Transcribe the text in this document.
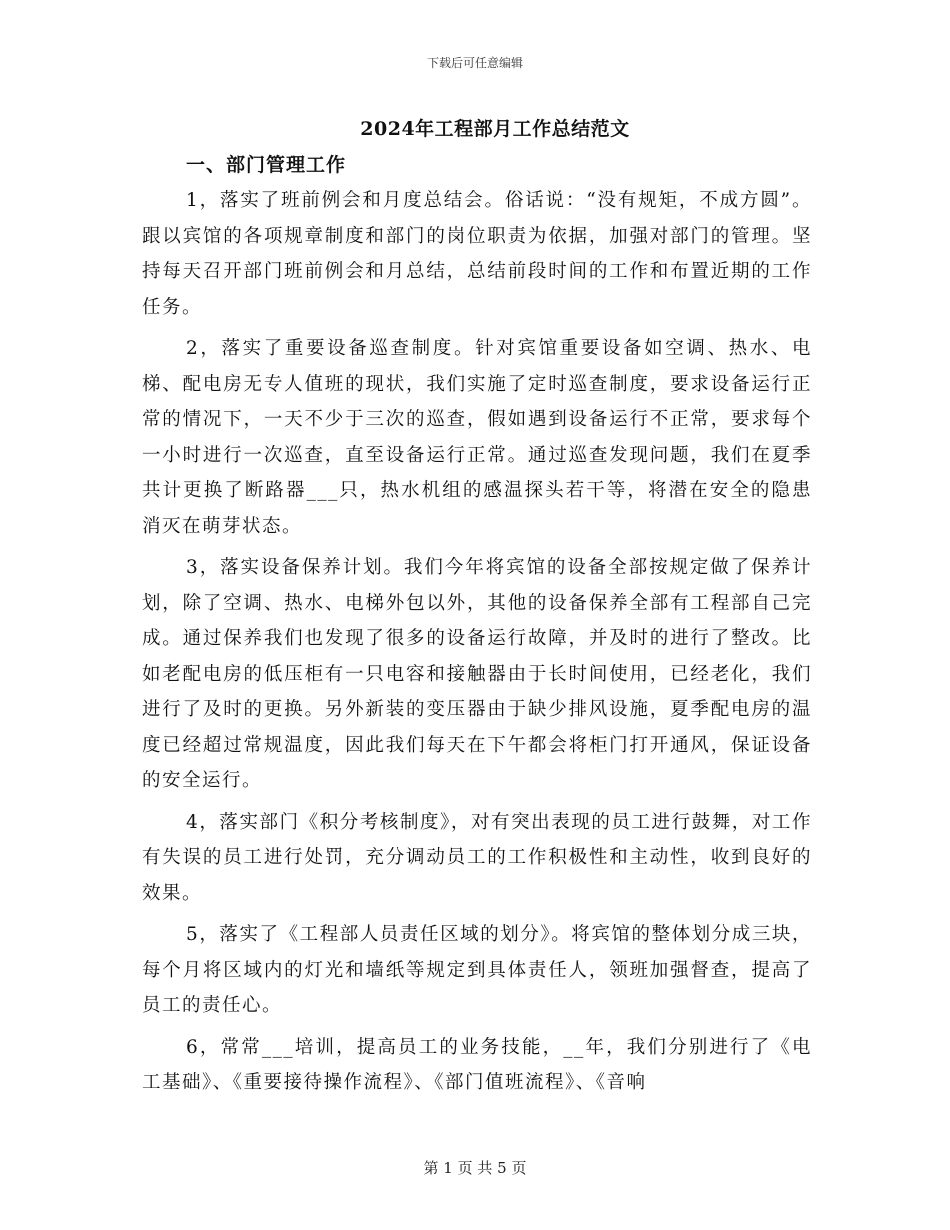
下载后可任意编辑
2024年工程部月工作总结范文
一、部门管理工作

1，落实了班前例会和月度总结会。俗话说：“没有规矩，不成方圆”。跟以宾馆的各项规章制度和部门的岗位职责为依据，加强对部门的管理。坚持每天召开部门班前例会和月总结，总结前段时间的工作和布置近期的工作任务。

2，落实了重要设备巡查制度。针对宾馆重要设备如空调、热水、电梯、配电房无专人值班的现状，我们实施了定时巡查制度，要求设备运行正常的情况下，一天不少于三次的巡查，假如遇到设备运行不正常，要求每个一小时进行一次巡查，直至设备运行正常。通过巡查发现问题，我们在夏季共计更换了断路器___只，热水机组的感温探头若干等，将潜在安全的隐患消灭在萌芽状态。

3，落实设备保养计划。我们今年将宾馆的设备全部按规定做了保养计划，除了空调、热水、电梯外包以外，其他的设备保养全部有工程部自己完成。通过保养我们也发现了很多的设备运行故障，并及时的进行了整改。比如老配电房的低压柜有一只电容和接触器由于长时间使用，已经老化，我们进行了及时的更换。另外新装的变压器由于缺少排风设施，夏季配电房的温度已经超过常规温度，因此我们每天在下午都会将柜门打开通风，保证设备的安全运行。

4，落实部门《积分考核制度》，对有突出表现的员工进行鼓舞，对工作有失误的员工进行处罚，充分调动员工的工作积极性和主动性，收到良好的效果。

5，落实了《工程部人员责任区域的划分》。将宾馆的整体划分成三块，每个月将区域内的灯光和墙纸等规定到具体责任人，领班加强督查，提高了员工的责任心。

6，常常___培训，提高员工的业务技能，__年，我们分别进行了《电工基础》、《重要接待操作流程》、《部门值班流程》、《音响

第 1 页 共 5 页
